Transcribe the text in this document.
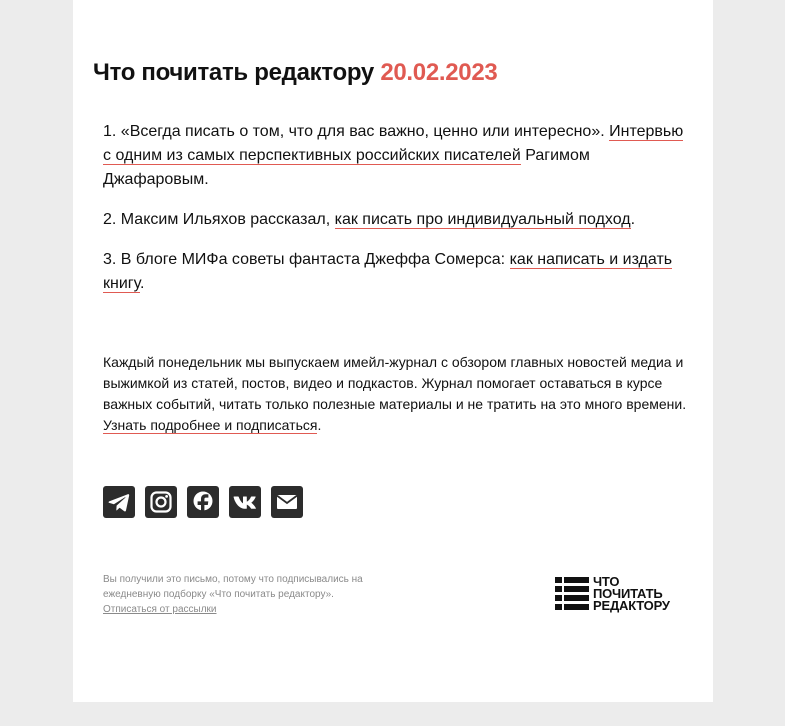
Что почитать редактору 20.02.2023

1. «Всегда писать о том, что для вас важно, ценно или интересно». Интервью с одним из самых перспективных российских писателей Рагимом Джафаровым.

2. Максим Ильяхов рассказал, как писать про индивидуальный подход.

3. В блоге МИФа советы фантаста Джеффа Сомерса: как написать и издать книгу.

Каждый понедельник мы выпускаем имейл-журнал с обзором главных новостей медиа и выжимкой из статей, постов, видео и подкастов. Журнал помогает оставаться в курсе важных событий, читать только полезные материалы и не тратить на это много времени. Узнать подробнее и подписаться.

Вы получили это письмо, потому что подписывались на ежедневную подборку «Что почитать редактору».
Отписаться от рассылки

ЧТО
ПОЧИТАТЬ
РЕДАКТОРУ
